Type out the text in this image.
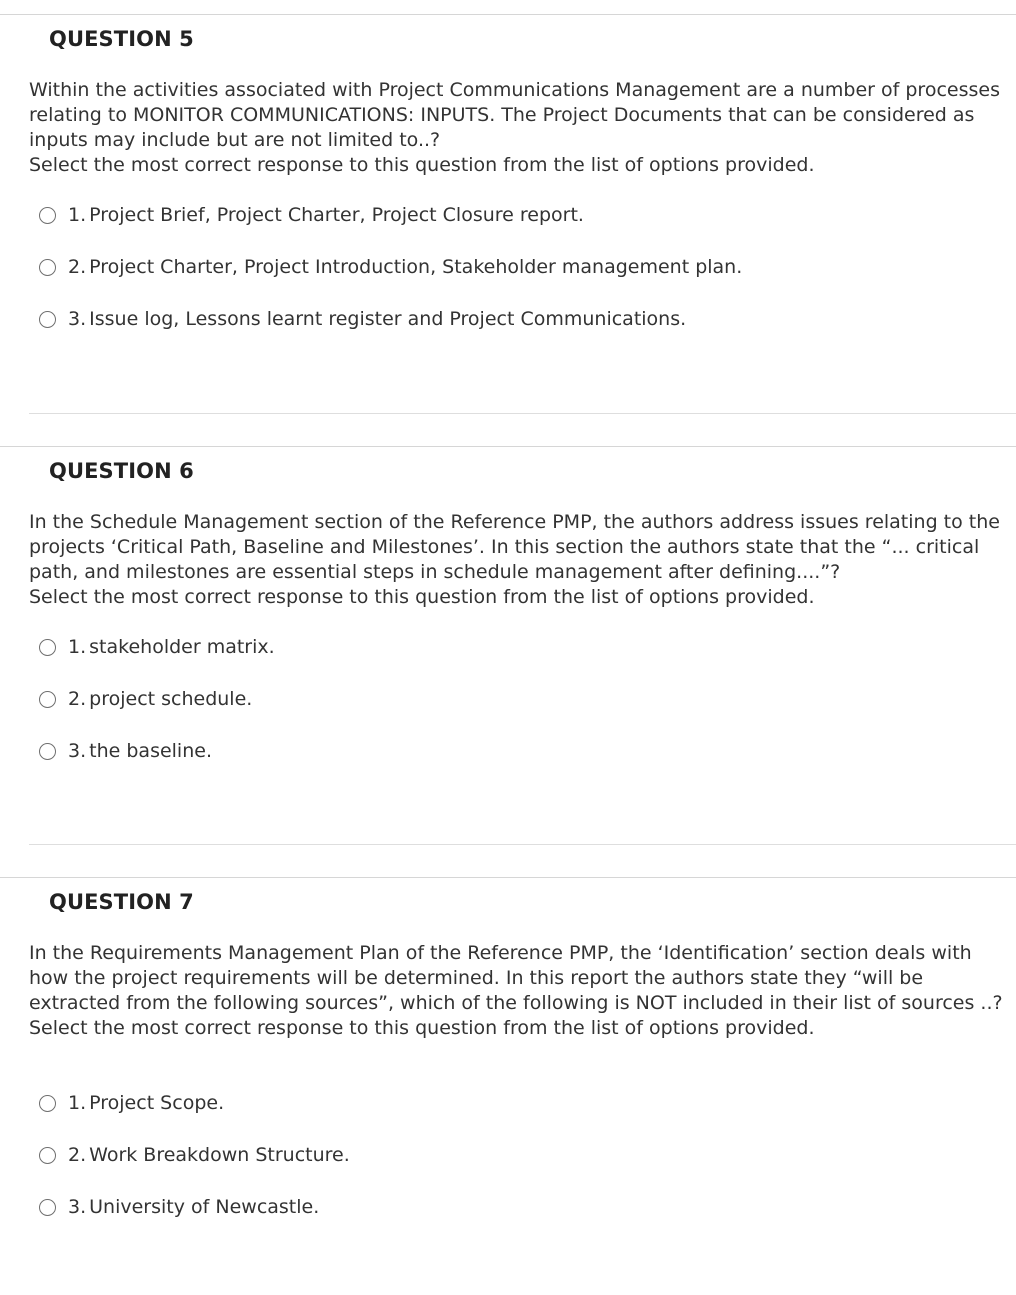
QUESTION 5

Within the activities associated with Project Communications Management are a number of processes relating to MONITOR COMMUNICATIONS: INPUTS. The Project Documents that can be considered as inputs may include but are not limited to..?

Select the most correct response to this question from the list of options provided.

1. Project Brief, Project Charter, Project Closure report.
2. Project Charter, Project Introduction, Stakeholder management plan.
3. Issue log, Lessons learnt register and Project Communications.
QUESTION 6

In the Schedule Management section of the Reference PMP, the authors address issues relating to the projects ‘Critical Path, Baseline and Milestones’. In this section the authors state that the “... critical path, and milestones are essential steps in schedule management after defining....”?

Select the most correct response to this question from the list of options provided.

1. stakeholder matrix.
2. project schedule.
3. the baseline.
QUESTION 7

In the Requirements Management Plan of the Reference PMP, the ‘Identification’ section deals with how the project requirements will be determined. In this report the authors state they “will be extracted from the following sources”, which of the following is NOT included in their list of sources ..?

Select the most correct response to this question from the list of options provided.

1. Project Scope.
2. Work Breakdown Structure.
3. University of Newcastle.
